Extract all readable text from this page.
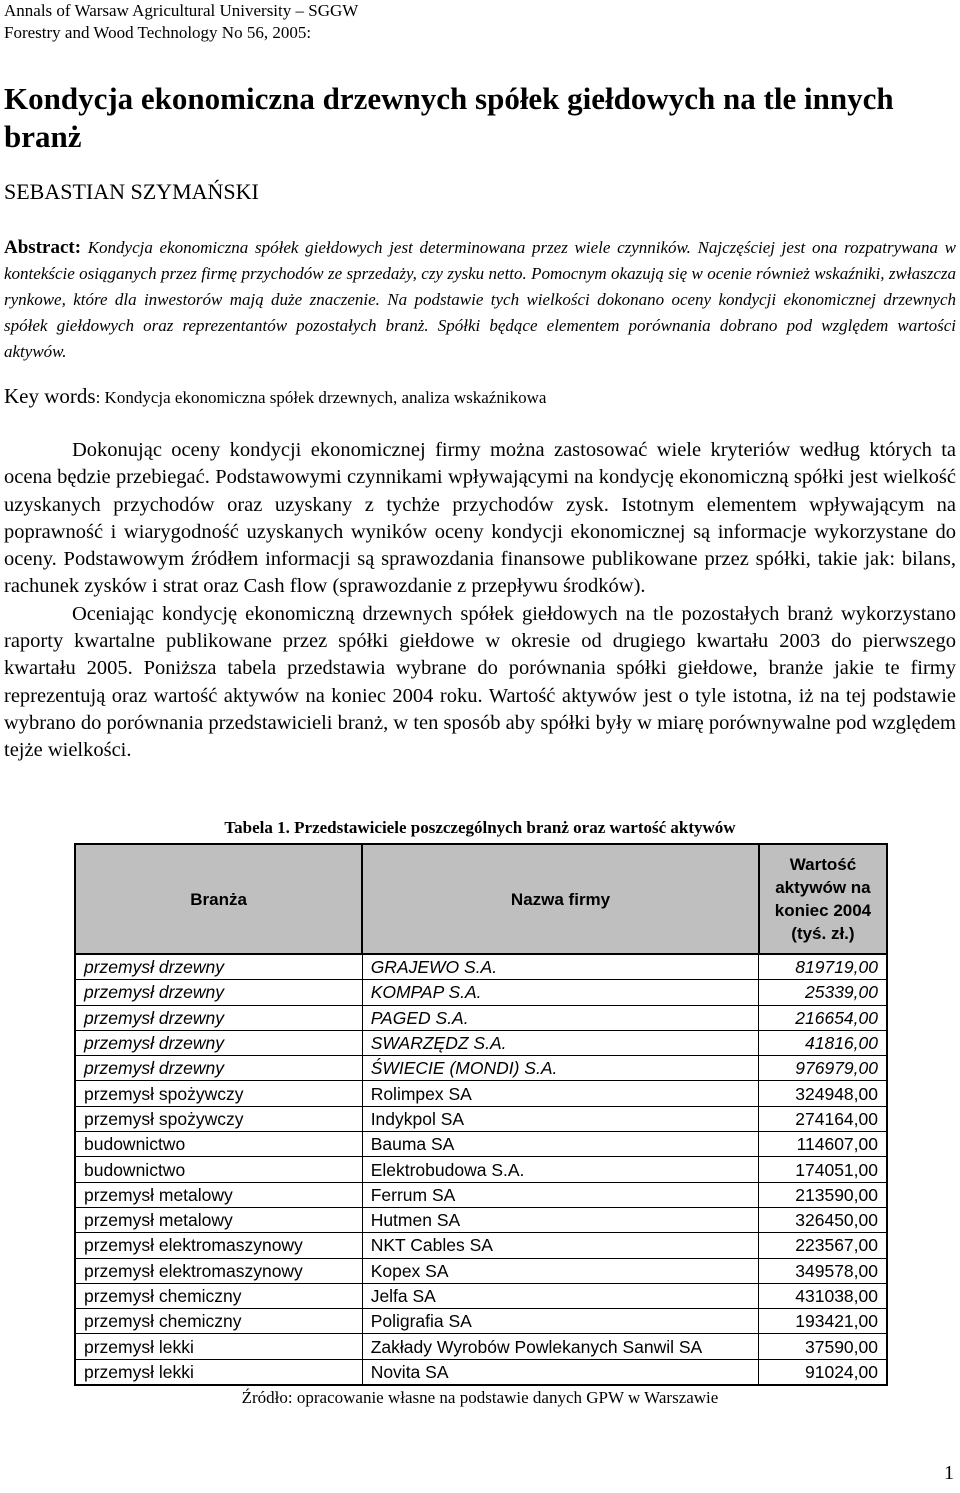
Annals of Warsaw Agricultural University – SGGW
Forestry and Wood Technology No 56, 2005:
Kondycja ekonomiczna drzewnych spółek giełdowych na tle innych branż
SEBASTIAN SZYMAŃSKI
Abstract: Kondycja ekonomiczna spółek giełdowych jest determinowana przez wiele czynników. Najczęściej jest ona rozpatrywana w kontekście osiąganych przez firmę przychodów ze sprzedaży, czy zysku netto. Pomocnym okazują się w ocenie również wskaźniki, zwłaszcza rynkowe, które dla inwestorów mają duże znaczenie. Na podstawie tych wielkości dokonano oceny kondycji ekonomicznej drzewnych spółek giełdowych oraz reprezentantów pozostałych branż. Spółki będące elementem porównania dobrano pod względem wartości aktywów.
Key words: Kondycja ekonomiczna spółek drzewnych, analiza wskaźnikowa

Dokonując oceny kondycji ekonomicznej firmy można zastosować wiele kryteriów według których ta ocena będzie przebiegać. Podstawowymi czynnikami wpływającymi na kondycję ekonomiczną spółki jest wielkość uzyskanych przychodów oraz uzyskany z tychże przychodów zysk. Istotnym elementem wpływającym na poprawność i wiarygodność uzyskanych wyników oceny kondycji ekonomicznej są informacje wykorzystane do oceny. Podstawowym źródłem informacji są sprawozdania finansowe publikowane przez spółki, takie jak: bilans, rachunek zysków i strat oraz Cash flow (sprawozdanie z przepływu środków).

Oceniając kondycję ekonomiczną drzewnych spółek giełdowych na tle pozostałych branż wykorzystano raporty kwartalne publikowane przez spółki giełdowe w okresie od drugiego kwartału 2003 do pierwszego kwartału 2005. Poniższa tabela przedstawia wybrane do porównania spółki giełdowe, branże jakie te firmy reprezentują oraz wartość aktywów na koniec 2004 roku. Wartość aktywów jest o tyle istotna, iż na tej podstawie wybrano do porównania przedstawicieli branż, w ten sposób aby spółki były w miarę porównywalne pod względem tejże wielkości.

Tabela 1. Przedstawiciele poszczególnych branż oraz wartość aktywów
Branża	Nazwa firmy	Wartość aktywów na koniec 2004 (tyś. zł.)
przemysł drzewny	GRAJEWO S.A.	819719,00
przemysł drzewny	KOMPAP S.A.	25339,00
przemysł drzewny	PAGED S.A.	216654,00
przemysł drzewny	SWARZĘDZ S.A.	41816,00
przemysł drzewny	ŚWIECIE (MONDI) S.A.	976979,00
przemysł spożywczy	Rolimpex SA	324948,00
przemysł spożywczy	Indykpol SA	274164,00
budownictwo	Bauma SA	114607,00
budownictwo	Elektrobudowa S.A.	174051,00
przemysł metalowy	Ferrum SA	213590,00
przemysł metalowy	Hutmen SA	326450,00
przemysł elektromaszynowy	NKT Cables SA	223567,00
przemysł elektromaszynowy	Kopex SA	349578,00
przemysł chemiczny	Jelfa SA	431038,00
przemysł chemiczny	Poligrafia SA	193421,00
przemysł lekki	Zakłady Wyrobów Powlekanych Sanwil SA	37590,00
przemysł lekki	Novita SA	91024,00
Źródło: opracowanie własne na podstawie danych GPW w Warszawie
1
